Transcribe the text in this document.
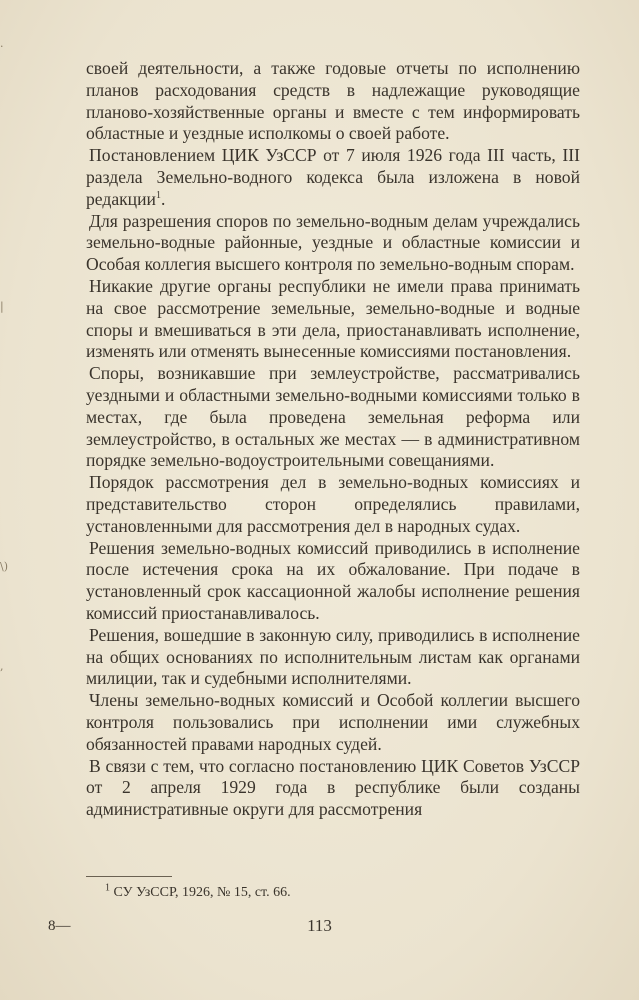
·
|
\)
,

своей деятельности, а также годовые отчеты по исполнению планов расходования средств в надлежащие руководящие планово-хозяйственные органы и вместе с тем информировать областные и уездные исполкомы о своей работе.

Постановлением ЦИК УзССР от 7 июля 1926 года III часть, III раздела Земельно-водного кодекса была изложена в новой редакции$^1$.

Для разрешения споров по земельно-водным делам учреждались земельно-водные районные, уездные и областные комиссии и Особая коллегия высшего контроля по земельно-водным спорам.

Никакие другие органы республики не имели права принимать на свое рассмотрение земельные, земельно-водные и водные споры и вмешиваться в эти дела, приостанавливать исполнение, изменять или отменять вынесенные комиссиями постановления.

Споры, возникавшие при землеустройстве, рассматривались уездными и областными земельно-водными комиссиями только в местах, где была проведена земельная реформа или землеустройство, в остальных же местах — в административном порядке земельно-водоустроительными совещаниями.

Порядок рассмотрения дел в земельно-водных комиссиях и представительство сторон определялись правилами, установленными для рассмотрения дел в народных судах.

Решения земельно-водных комиссий приводились в исполнение после истечения срока на их обжалование. При подаче в установленный срок кассационной жалобы исполнение решения комиссий приостанавливалось.

Решения, вошедшие в законную силу, приводились в исполнение на общих основаниях по исполнительным листам как органами милиции, так и судебными исполнителями.

Члены земельно-водных комиссий и Особой коллегии высшего контроля пользовались при исполнении ими служебных обязанностей правами народных судей.

В связи с тем, что согласно постановлению ЦИК Советов УзССР от 2 апреля 1929 года в республике были созданы административные округи для рассмотрения

$^1$ СУ УзССР, 1926, № 15, ст. 66.
8—	113
